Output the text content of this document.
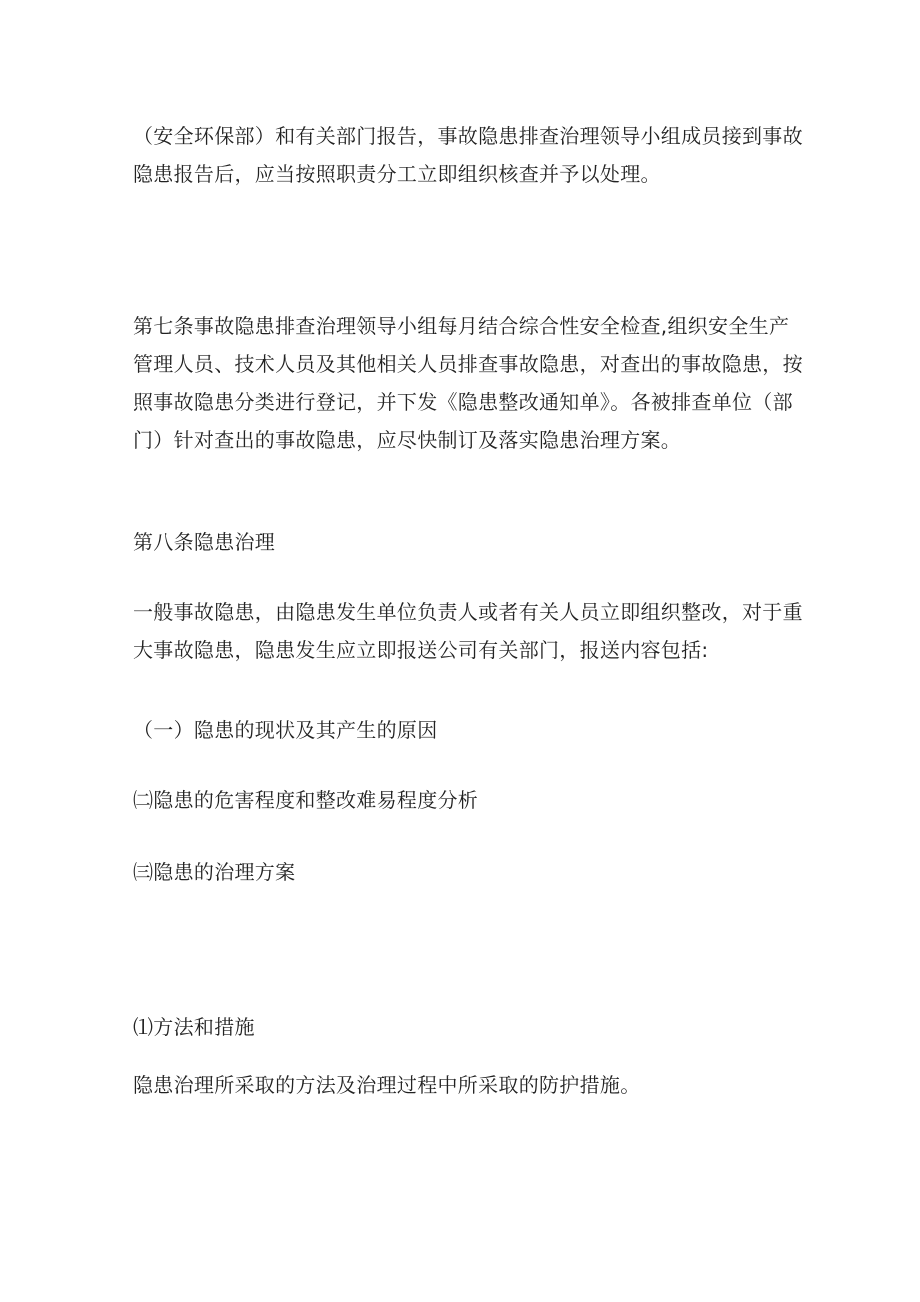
（安全环保部）和有关部门报告，事故隐患排查治理领导小组成员接到事故
隐患报告后，应当按照职责分工立即组织核查并予以处理。

第七条事故隐患排查治理领导小组每月结合综合性安全检查,组织安全生产
管理人员、技术人员及其他相关人员排查事故隐患，对查出的事故隐患，按
照事故隐患分类进行登记，并下发《隐患整改通知单》。各被排查单位（部
门）针对查出的事故隐患，应尽快制订及落实隐患治理方案。

第八条隐患治理

一般事故隐患，由隐患发生单位负责人或者有关人员立即组织整改，对于重
大事故隐患，隐患发生应立即报送公司有关部门，报送内容包括:

（一）隐患的现状及其产生的原因

㈡隐患的危害程度和整改难易程度分析

㈢隐患的治理方案

⑴方法和措施

隐患治理所采取的方法及治理过程中所采取的防护措施。
